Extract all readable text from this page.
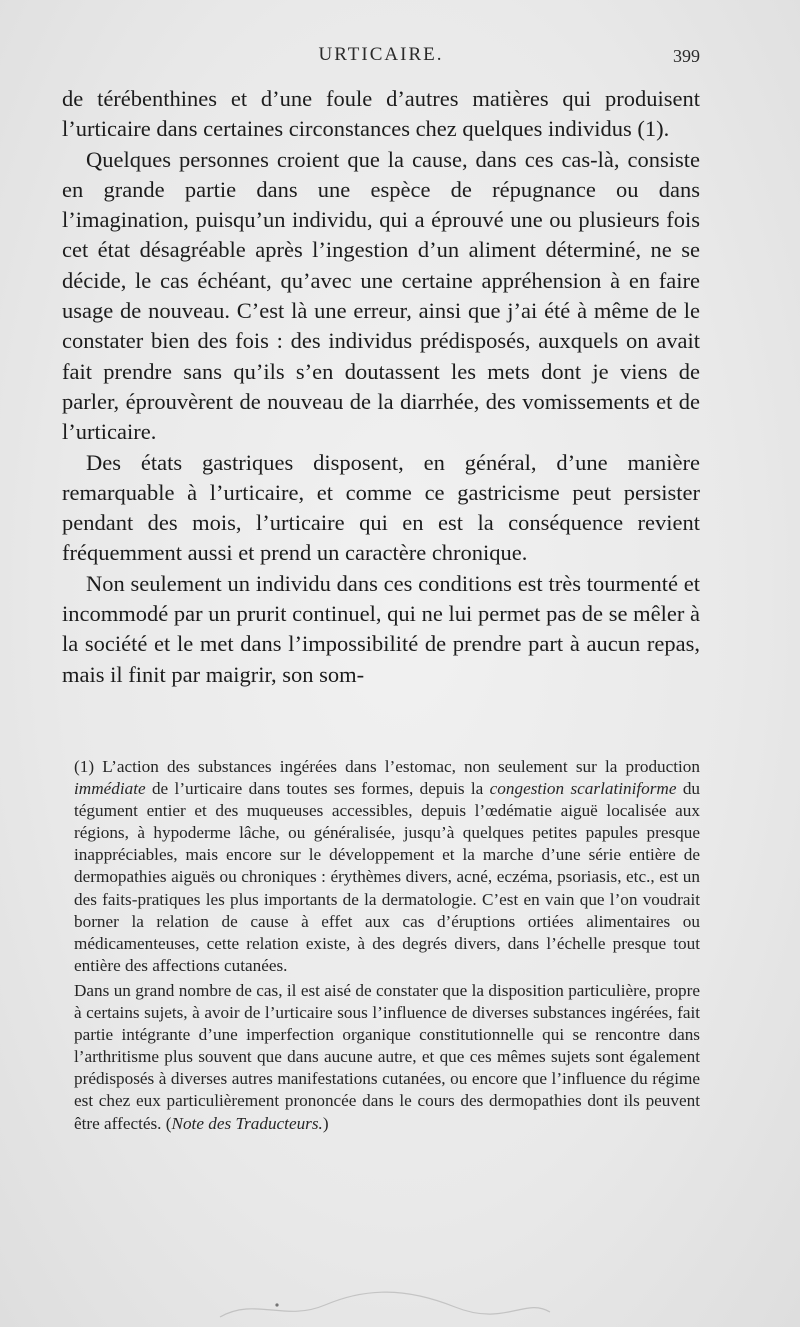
URTICAIRE.	399

de térébenthines et d’une foule d’autres matières qui produisent l’urticaire dans certaines circonstances chez quelques individus (1).

Quelques personnes croient que la cause, dans ces cas-là, consiste en grande partie dans une espèce de répugnance ou dans l’imagination, puisqu’un individu, qui a éprouvé une ou plusieurs fois cet état désagréable après l’ingestion d’un aliment déterminé, ne se décide, le cas échéant, qu’avec une certaine appréhension à en faire usage de nouveau. C’est là une erreur, ainsi que j’ai été à même de le constater bien des fois : des individus prédisposés, auxquels on avait fait prendre sans qu’ils s’en doutassent les mets dont je viens de parler, éprouvèrent de nouveau de la diarrhée, des vomissements et de l’urticaire.

Des états gastriques disposent, en général, d’une manière remarquable à l’urticaire, et comme ce gastricisme peut persister pendant des mois, l’urticaire qui en est la conséquence revient fréquemment aussi et prend un caractère chronique.

Non seulement un individu dans ces conditions est très tourmenté et incommodé par un prurit continuel, qui ne lui permet pas de se mêler à la société et le met dans l’impossibilité de prendre part à aucun repas, mais il finit par maigrir, son som-

(1) L’action des substances ingérées dans l’estomac, non seulement sur la production immédiate de l’urticaire dans toutes ses formes, depuis la congestion scarlatiniforme du tégument entier et des muqueuses accessibles, depuis l’œdématie aiguë localisée aux régions, à hypoderme lâche, ou généralisée, jusqu’à quelques petites papules presque inappréciables, mais encore sur le développement et la marche d’une série entière de dermopathies aiguës ou chroniques : érythèmes divers, acné, eczéma, psoriasis, etc., est un des faits-pratiques les plus importants de la dermatologie. C’est en vain que l’on voudrait borner la relation de cause à effet aux cas d’éruptions ortiées alimentaires ou médicamenteuses, cette relation existe, à des degrés divers, dans l’échelle presque tout entière des affections cutanées.

Dans un grand nombre de cas, il est aisé de constater que la disposition particulière, propre à certains sujets, à avoir de l’urticaire sous l’influence de diverses substances ingérées, fait partie intégrante d’une imperfection organique constitutionnelle qui se rencontre dans l’arthritisme plus souvent que dans aucune autre, et que ces mêmes sujets sont également prédisposés à diverses autres manifestations cutanées, ou encore que l’influence du régime est chez eux particulièrement prononcée dans le cours des dermopathies dont ils peuvent être affectés. (Note des Traducteurs.)
